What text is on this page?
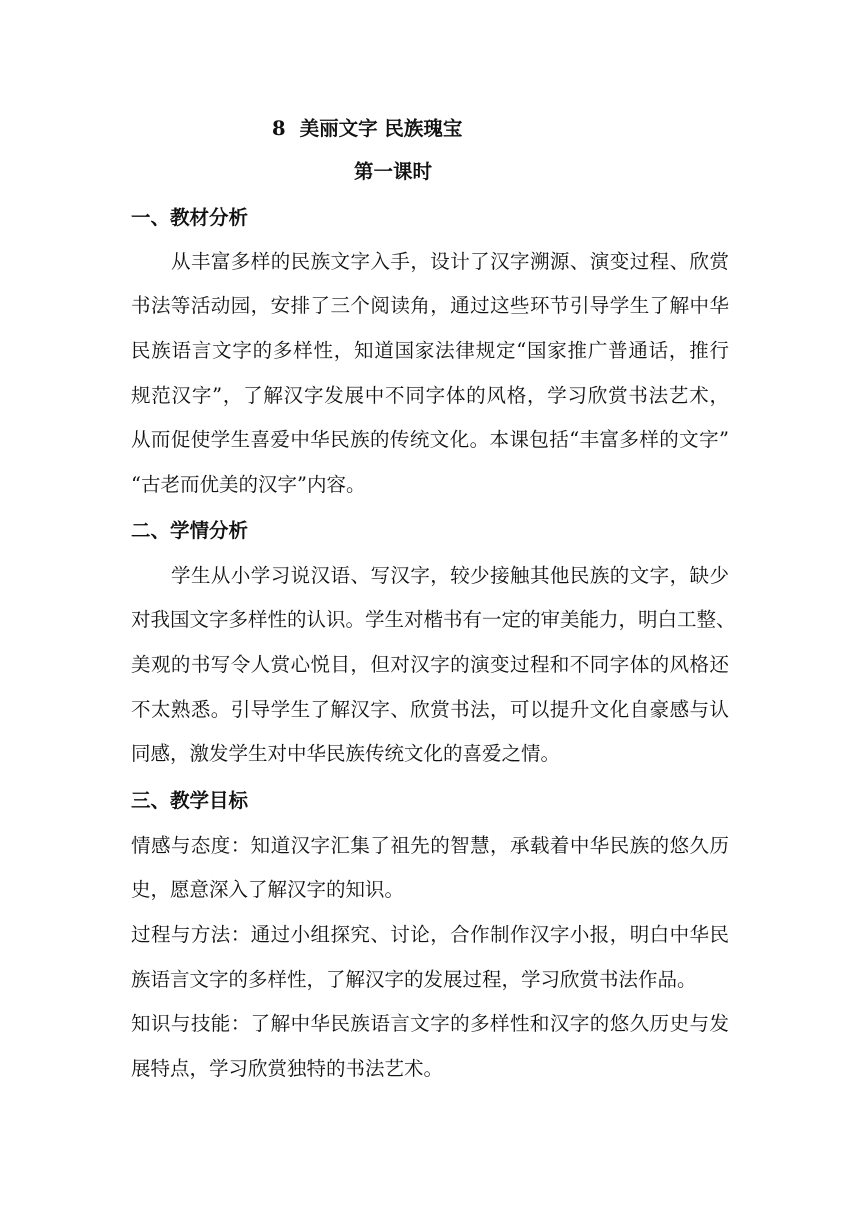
8 美丽文字 民族瑰宝
第一课时
一、教材分析
从丰富多样的民族文字入手，设计了汉字溯源、演变过程、欣赏
书法等活动园，安排了三个阅读角，通过这些环节引导学生了解中华
民族语言文字的多样性，知道国家法律规定“国家推广普通话，推行
规范汉字”，了解汉字发展中不同字体的风格，学习欣赏书法艺术，
从而促使学生喜爱中华民族的传统文化。本课包括“丰富多样的文字”
“古老而优美的汉字”内容。
二、学情分析
学生从小学习说汉语、写汉字，较少接触其他民族的文字，缺少
对我国文字多样性的认识。学生对楷书有一定的审美能力，明白工整、
美观的书写令人赏心悦目，但对汉字的演变过程和不同字体的风格还
不太熟悉。引导学生了解汉字、欣赏书法，可以提升文化自豪感与认
同感，激发学生对中华民族传统文化的喜爱之情。
三、教学目标
情感与态度：知道汉字汇集了祖先的智慧，承载着中华民族的悠久历
史，愿意深入了解汉字的知识。
过程与方法：通过小组探究、讨论，合作制作汉字小报，明白中华民
族语言文字的多样性，了解汉字的发展过程，学习欣赏书法作品。
知识与技能：了解中华民族语言文字的多样性和汉字的悠久历史与发
展特点，学习欣赏独特的书法艺术。
